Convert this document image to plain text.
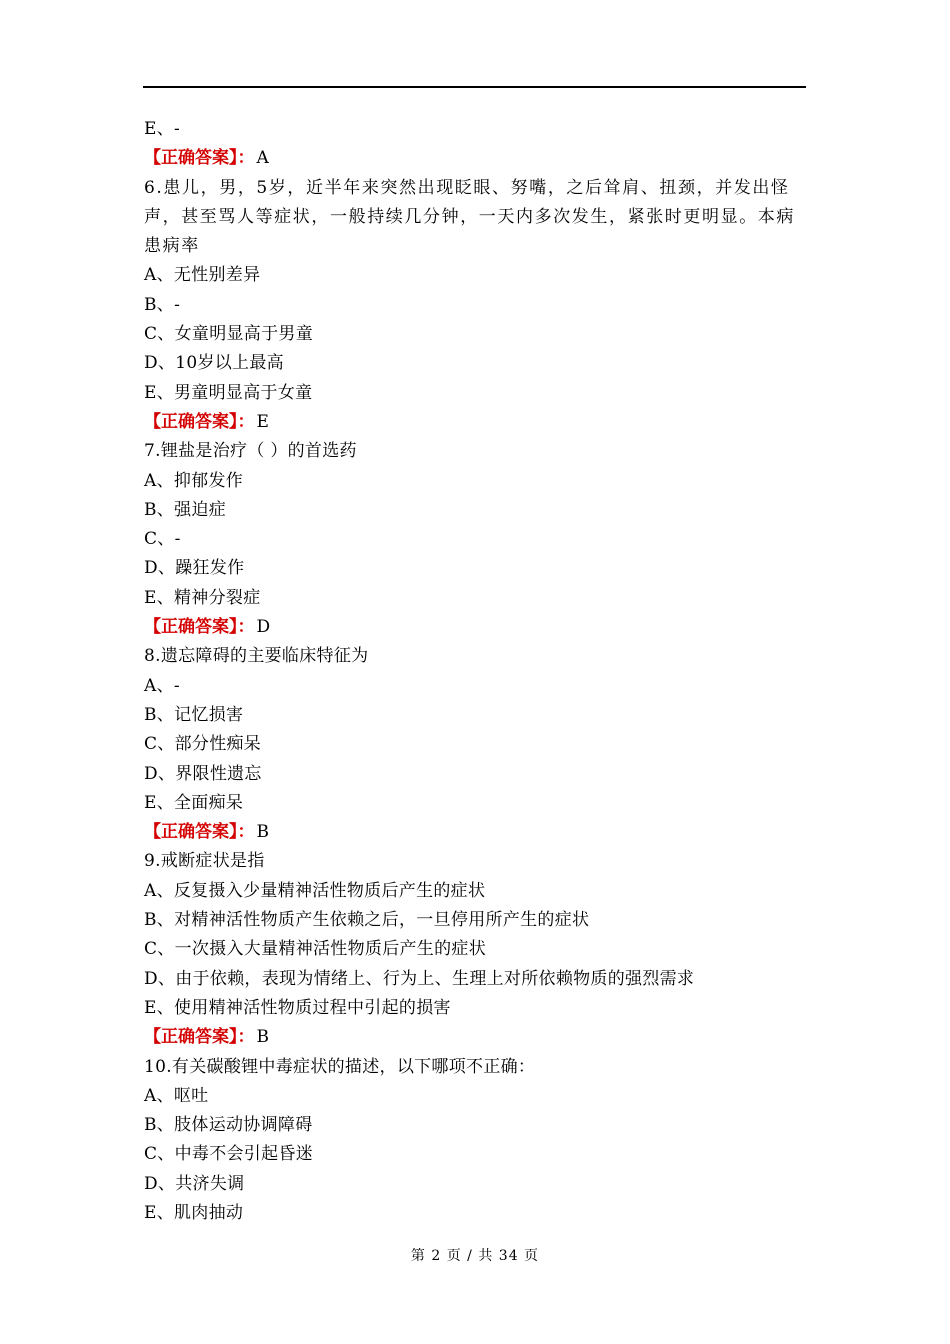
E、-
【正确答案】： A
6.患儿，男，5岁，近半年来突然出现眨眼、努嘴，之后耸肩、扭颈，并发出怪声，甚至骂人等症状，一般持续几分钟，一天内多次发生，紧张时更明显。本病患病率
A、无性别差异
B、-
C、女童明显高于男童
D、10岁以上最高
E、男童明显高于女童
【正确答案】： E
7.锂盐是治疗（ ）的首选药
A、抑郁发作
B、强迫症
C、-
D、躁狂发作
E、精神分裂症
【正确答案】： D
8.遗忘障碍的主要临床特征为
A、-
B、记忆损害
C、部分性痴呆
D、界限性遗忘
E、全面痴呆
【正确答案】： B
9.戒断症状是指
A、反复摄入少量精神活性物质后产生的症状
B、对精神活性物质产生依赖之后，一旦停用所产生的症状
C、一次摄入大量精神活性物质后产生的症状
D、由于依赖，表现为情绪上、行为上、生理上对所依赖物质的强烈需求
E、使用精神活性物质过程中引起的损害
【正确答案】： B
10.有关碳酸锂中毒症状的描述，以下哪项不正确：
A、呕吐
B、肢体运动协调障碍
C、中毒不会引起昏迷
D、共济失调
E、肌肉抽动
第 2 页 / 共 34 页
